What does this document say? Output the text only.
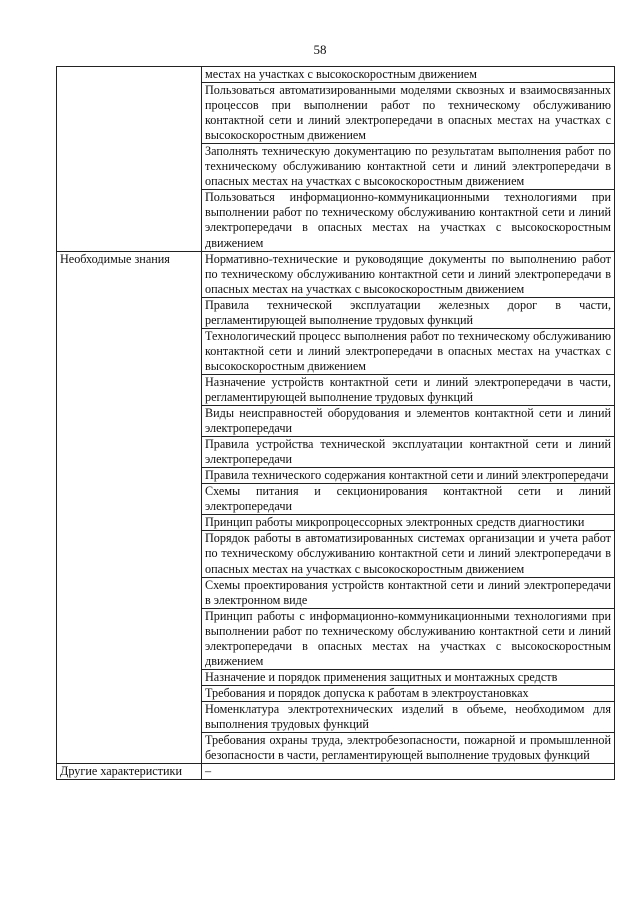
58
	местах на участках с высокоскоростным движением
	Пользоваться автоматизированными моделями сквозных и взаимосвязанных процессов при выполнении работ по техническому обслуживанию контактной сети и линий электропередачи в опасных местах на участках с высокоскоростным движением
	Заполнять техническую документацию по результатам выполнения работ по техническому обслуживанию контактной сети и линий электропередачи в опасных местах на участках с высокоскоростным движением
	Пользоваться информационно-коммуникационными технологиями при выполнении работ по техническому обслуживанию контактной сети и линий электропередачи в опасных местах на участках с высокоскоростным движением
Необходимые знания	Нормативно-технические и руководящие документы по выполнению работ по техническому обслуживанию контактной сети и линий электропередачи в опасных местах на участках с высокоскоростным движением
	Правила технической эксплуатации железных дорог в части, регламентирующей выполнение трудовых функций
	Технологический процесс выполнения работ по техническому обслуживанию контактной сети и линий электропередачи в опасных местах на участках с высокоскоростным движением
	Назначение устройств контактной сети и линий электропередачи в части, регламентирующей выполнение трудовых функций
	Виды неисправностей оборудования и элементов контактной сети и линий электропередачи
	Правила устройства технической эксплуатации контактной сети и линий электропередачи
	Правила технического содержания контактной сети и линий электропередачи
	Схемы питания и секционирования контактной сети и линий электропередачи
	Принцип работы микропроцессорных электронных средств диагностики
	Порядок работы в автоматизированных системах организации и учета работ по техническому обслуживанию контактной сети и линий электропередачи в опасных местах на участках с высокоскоростным движением
	Схемы проектирования устройств контактной сети и линий электропередачи в электронном виде
	Принцип работы с информационно-коммуникационными технологиями при выполнении работ по техническому обслуживанию контактной сети и линий электропередачи в опасных местах на участках с высокоскоростным движением
	Назначение и порядок применения защитных и монтажных средств
	Требования и порядок допуска к работам в электроустановках
	Номенклатура электротехнических изделий в объеме, необходимом для выполнения трудовых функций
	Требования охраны труда, электробезопасности, пожарной и промышленной безопасности в части, регламентирующей выполнение трудовых функций
Другие характеристики	–
